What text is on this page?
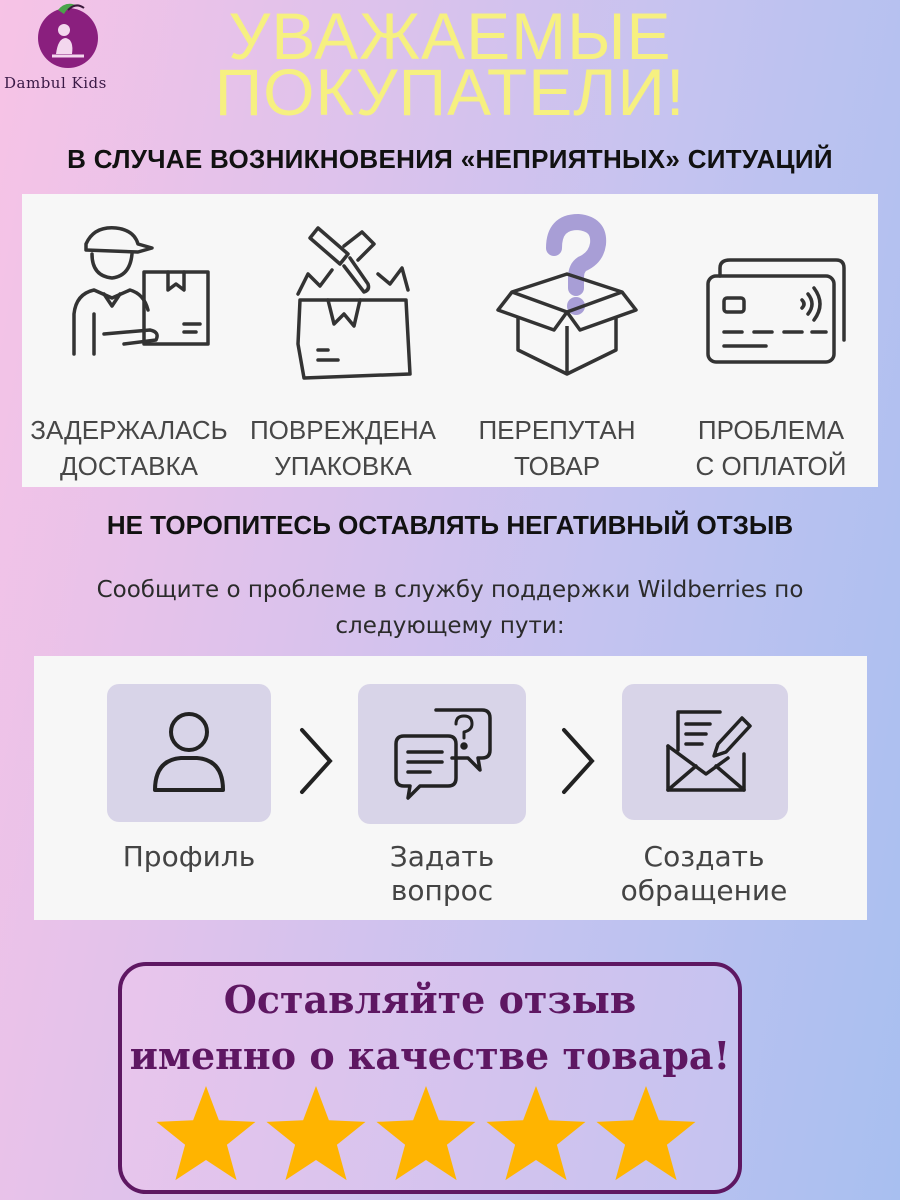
Dambul Kids
УВАЖАЕМЫЕ
ПОКУПАТЕЛИ!
В СЛУЧАЕ ВОЗНИКНОВЕНИЯ «НЕПРИЯТНЫХ» СИТУАЦИЙ
ЗАДЕРЖАЛАСЬ
ДОСТАВКА
ПОВРЕЖДЕНА
УПАКОВКА
ПЕРЕПУТАН
ТОВАР
ПРОБЛЕМА
С ОПЛАТОЙ
НЕ ТОРОПИТЕСЬ ОСТАВЛЯТЬ НЕГАТИВНЫЙ ОТЗЫВ
Сообщите о проблеме в службу поддержки Wildberries по следующему пути:
Профиль	Задать
вопрос
Создать
обращение
Оставляйте отзыв
именно о качестве товара!
